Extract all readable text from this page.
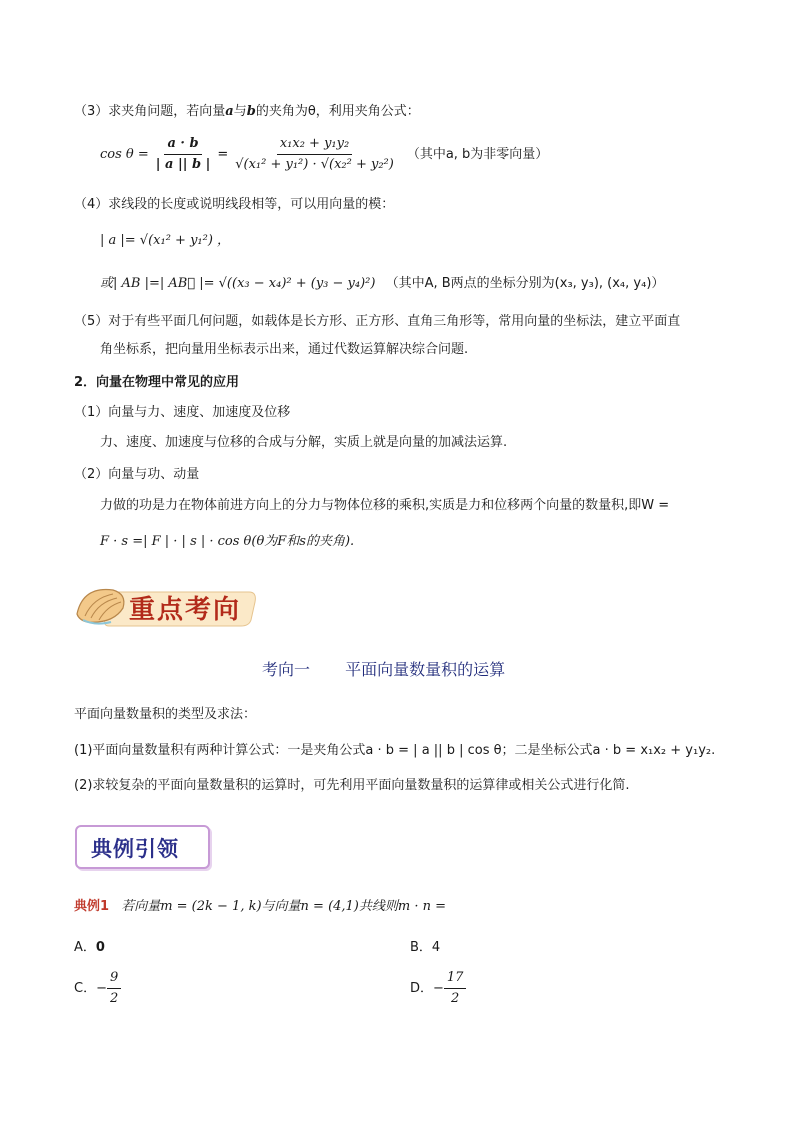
（3）求夹角问题，若向量a与b的夹角为θ，利用夹角公式：
$\cos \theta = \frac{a \cdot b}{| a || b |} = \frac{\text{x₁x₂ + y₁y₂}}{\text{√(x₁² + y₁²) · √(x₂² + y₂²)}}$ （其中a, b为非零向量）
（4）求线段的长度或说明线段相等，可以用向量的模：
| a |= √(x₁² + y₁²) ，
或| AB |=| AB⃗ |= √((x₃ − x₄)² + (y₃ − y₄)²) （其中A, B两点的坐标分别为(x₃, y₃), (x₄, y₄)）
（5）对于有些平面几何问题，如载体是长方形、正方形、直角三角形等，常用向量的坐标法，建立平面直
角坐标系，把向量用坐标表示出来，通过代数运算解决综合问题.
2．向量在物理中常见的应用
（1）向量与力、速度、加速度及位移
力、速度、加速度与位移的合成与分解，实质上就是向量的加减法运算.
（2）向量与功、动量
力做的功是力在物体前进方向上的分力与物体位移的乘积,实质是力和位移两个向量的数量积,即W =
F · s =| F | · | s | · cos θ(θ为F和s的夹角).
重点考向
考向一 平面向量数量积的运算
平面向量数量积的类型及求法：
(1)平面向量数量积有两种计算公式：一是夹角公式a · b = | a || b | cos θ；二是坐标公式a · b = x₁x₂ + y₁y₂.
(2)求较复杂的平面向量数量积的运算时，可先利用平面向量数量积的运算律或相关公式进行化简.
典例引领
典例1 若向量m = (2k − 1, k)与向量n = (4,1)共线则m · n =
A．0	B．4
C．− $\frac{9}{2}$	D．− $\frac{17}{2}$
